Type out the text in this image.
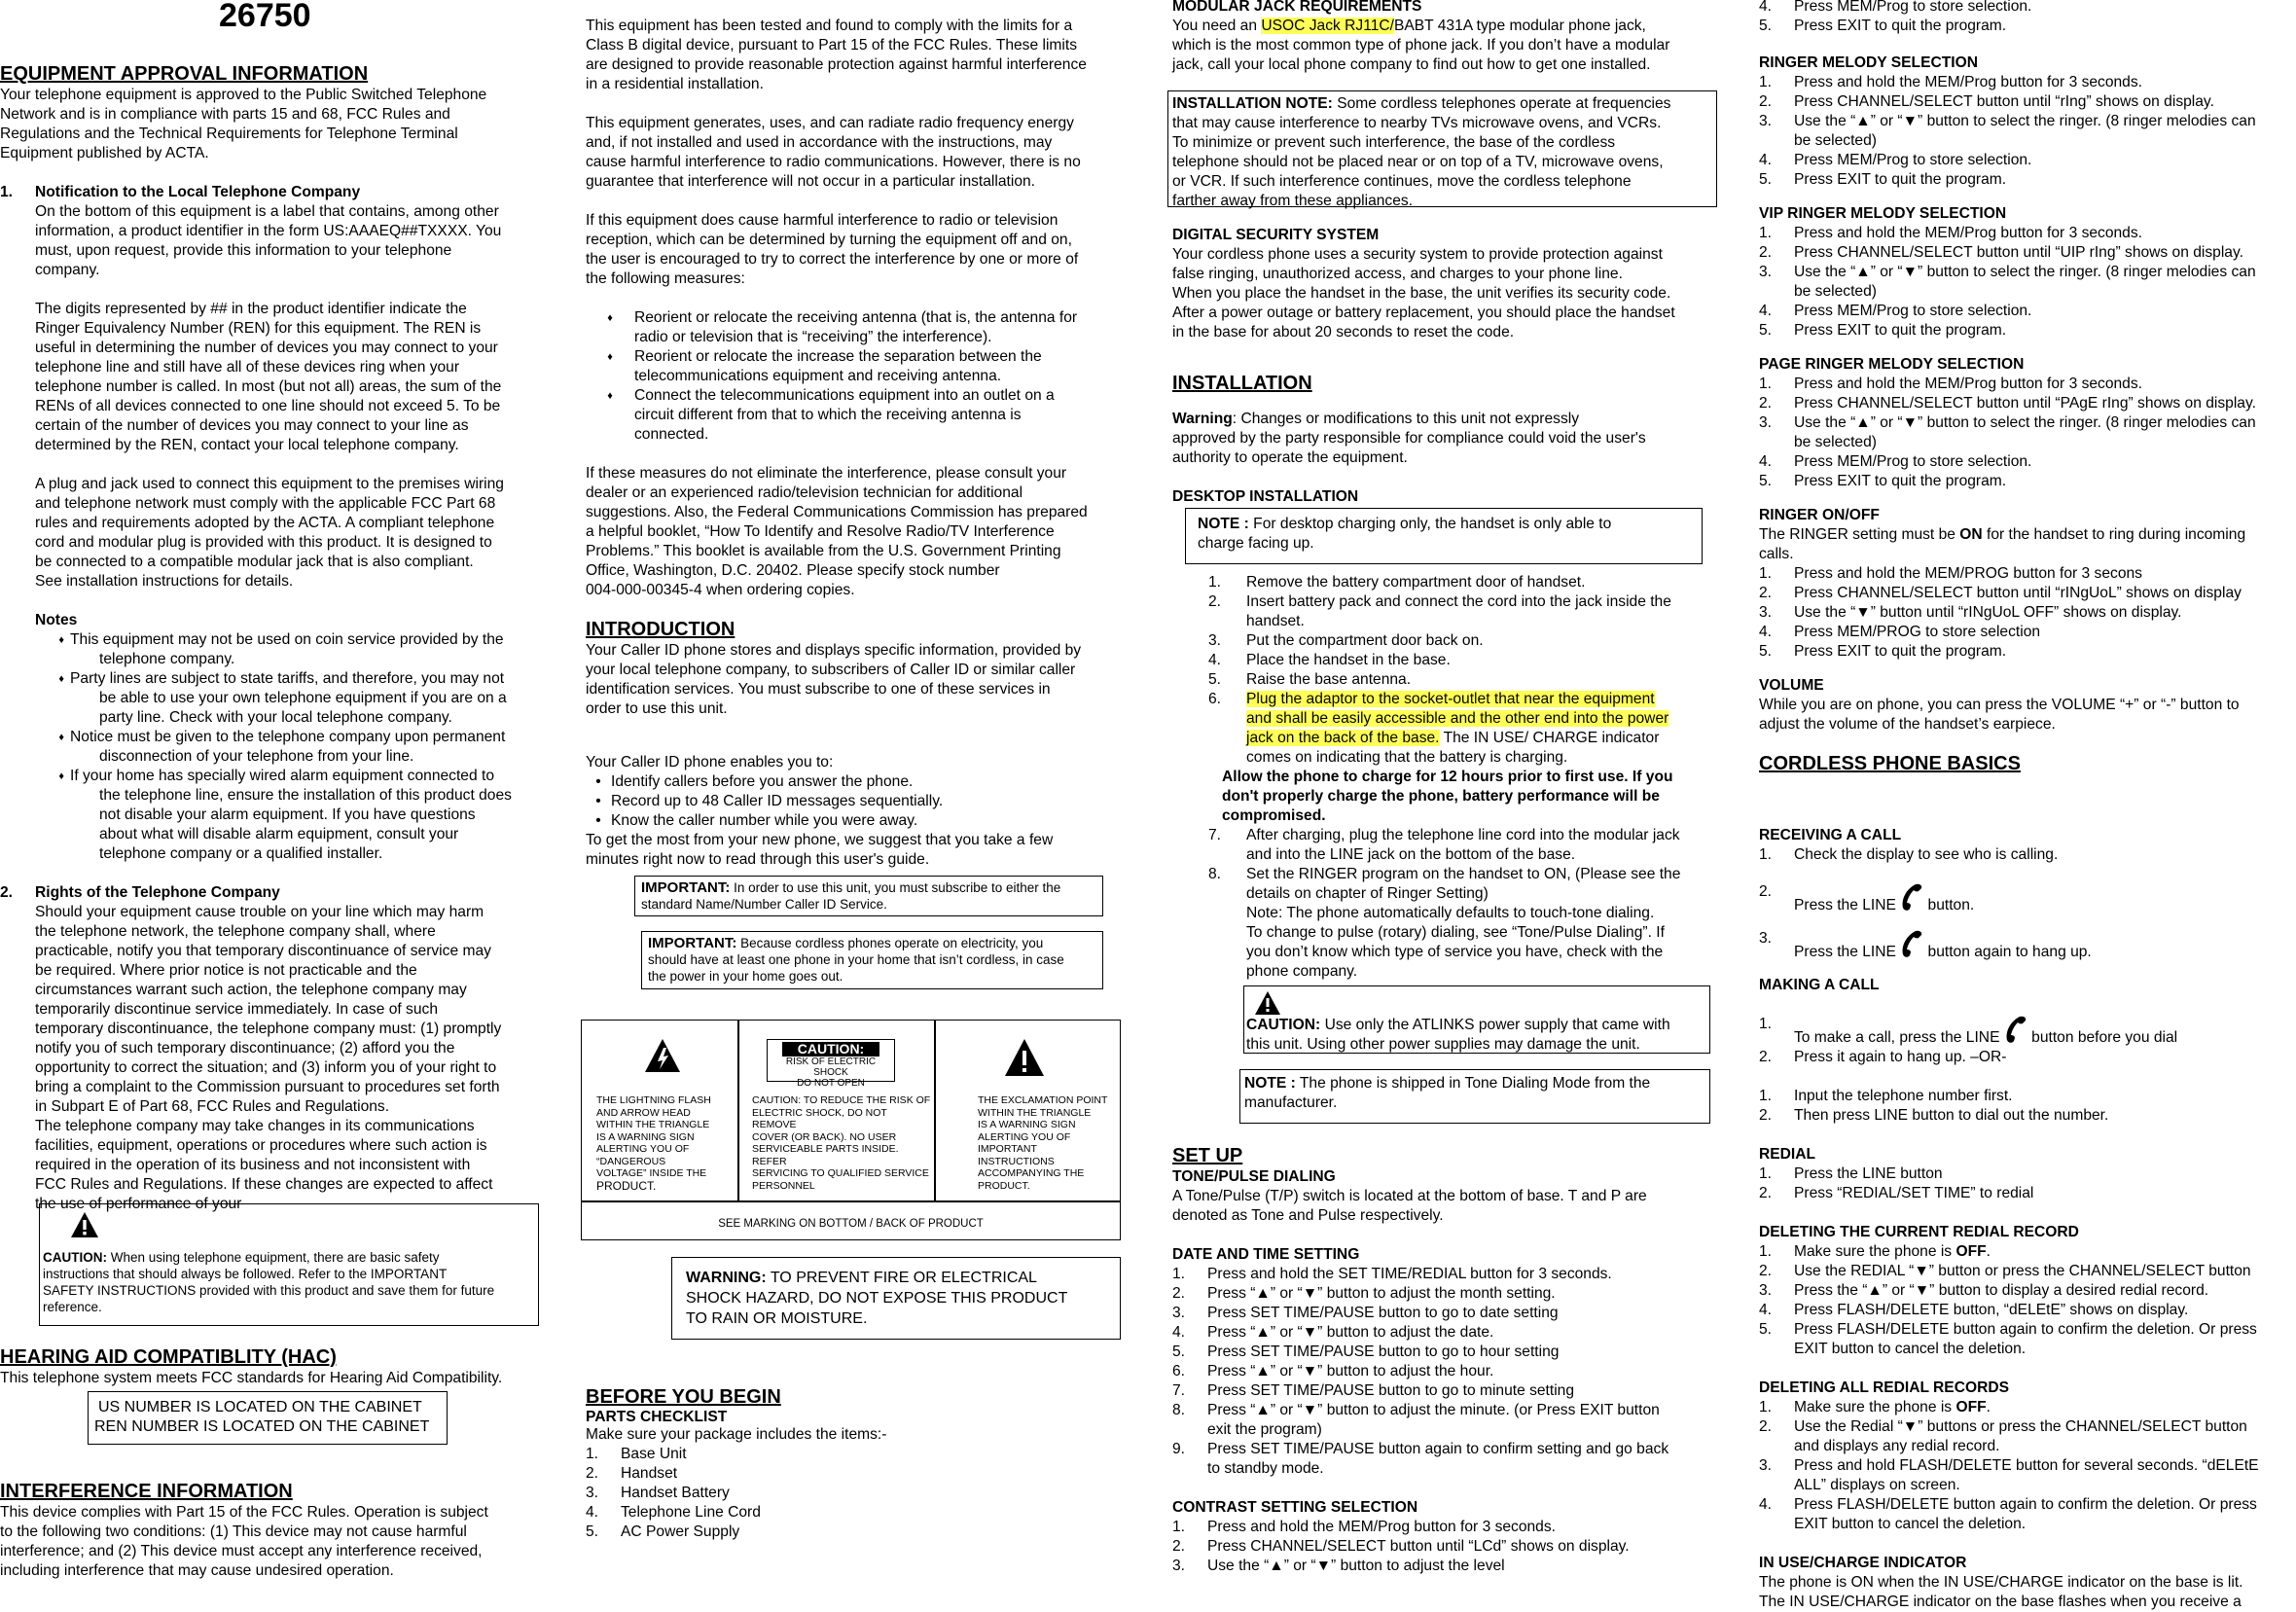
26750

EQUIPMENT APPROVAL INFORMATION

Your telephone equipment is approved to the Public Switched Telephone

Network and is in compliance with parts 15 and 68, FCC Rules and

Regulations and the Technical Requirements for Telephone Terminal

Equipment published by ACTA.

1.	Notification to the Local Telephone Company

On the bottom of this equipment is a label that contains, among other

information, a product identifier in the form US:AAAEQ##TXXXX. You

must, upon request, provide this information to your telephone

company.

The digits represented by ## in the product identifier indicate the

Ringer Equivalency Number (REN) for this equipment. The REN is

useful in determining the number of devices you may connect to your

telephone line and still have all of these devices ring when your

telephone number is called. In most (but not all) areas, the sum of the

RENs of all devices connected to one line should not exceed 5. To be

certain of the number of devices you may connect to your line as

determined by the REN, contact your local telephone company.

A plug and jack used to connect this equipment to the premises wiring

and telephone network must comply with the applicable FCC Part 68

rules and requirements adopted by the ACTA. A compliant telephone

cord and modular plug is provided with this product. It is designed to

be connected to a compatible modular jack that is also compliant.

See installation instructions for details.

Notes

♦ This equipment may not be used on coin service provided by the

telephone company.

♦ Party lines are subject to state tariffs, and therefore, you may not

be able to use your own telephone equipment if you are on a

party line. Check with your local telephone company.

♦ Notice must be given to the telephone company upon permanent

disconnection of your telephone from your line.

♦ If your home has specially wired alarm equipment connected to

the telephone line, ensure the installation of this product does

not disable your alarm equipment. If you have questions

about what will disable alarm equipment, consult your

telephone company or a qualified installer.

2.	Rights of the Telephone Company

Should your equipment cause trouble on your line which may harm

the telephone network, the telephone company shall, where

practicable, notify you that temporary discontinuance of service may

be required. Where prior notice is not practicable and the

circumstances warrant such action, the telephone company may

temporarily discontinue service immediately. In case of such

temporary discontinuance, the telephone company must: (1) promptly

notify you of such temporary discontinuance; (2) afford you the

opportunity to correct the situation; and (3) inform you of your right to

bring a complaint to the Commission pursuant to procedures set forth

in Subpart E of Part 68, FCC Rules and Regulations.

The telephone company may take changes in its communications

facilities, equipment, operations or procedures where such action is

required in the operation of its business and not inconsistent with

FCC Rules and Regulations. If these changes are expected to affect

the use of performance of your

CAUTION: When using telephone equipment, there are basic safety

instructions that should always be followed. Refer to the IMPORTANT

SAFETY INSTRUCTIONS provided with this product and save them for future

reference.

HEARING AID COMPATIBLITY (HAC)

This telephone system meets FCC standards for Hearing Aid Compatibility.

US NUMBER IS LOCATED ON THE CABINET

REN NUMBER IS LOCATED ON THE CABINET

INTERFERENCE INFORMATION

This device complies with Part 15 of the FCC Rules. Operation is subject

to the following two conditions: (1) This device may not cause harmful

interference; and (2) This device must accept any interference received,

including interference that may cause undesired operation.

This equipment has been tested and found to comply with the limits for a

Class B digital device, pursuant to Part 15 of the FCC Rules. These limits

are designed to provide reasonable protection against harmful interference

in a residential installation.

This equipment generates, uses, and can radiate radio frequency energy

and, if not installed and used in accordance with the instructions, may

cause harmful interference to radio communications. However, there is no

guarantee that interference will not occur in a particular installation.

If this equipment does cause harmful interference to radio or television

reception, which can be determined by turning the equipment off and on,

the user is encouraged to try to correct the interference by one or more of

the following measures:

♦	Reorient or relocate the receiving antenna (that is, the antenna for

radio or television that is “receiving” the interference).

♦	Reorient or relocate the increase the separation between the

telecommunications equipment and receiving antenna.

♦	Connect the telecommunications equipment into an outlet on a

circuit different from that to which the receiving antenna is

connected.

If these measures do not eliminate the interference, please consult your

dealer or an experienced radio/television technician for additional

suggestions. Also, the Federal Communications Commission has prepared

a helpful booklet, “How To Identify and Resolve Radio/TV Interference

Problems.” This booklet is available from the U.S. Government Printing

Office, Washington, D.C. 20402. Please specify stock number

004-000-00345-4 when ordering copies.

INTRODUCTION

Your Caller ID phone stores and displays specific information, provided by

your local telephone company, to subscribers of Caller ID or similar caller

identification services. You must subscribe to one of these services in

order to use this unit.

Your Caller ID phone enables you to:

• Identify callers before you answer the phone.
• Record up to 48 Caller ID messages sequentially.
• Know the caller number while you were away.

To get the most from your new phone, we suggest that you take a few

minutes right now to read through this user's guide.

IMPORTANT: In order to use this unit, you must subscribe to either the

standard Name/Number Caller ID Service.

IMPORTANT: Because cordless phones operate on electricity, you

should have at least one phone in your home that isn’t cordless, in case

the power in your home goes out.

CAUTION:
RISK OF ELECTRIC SHOCK
DO NOT OPEN

THE LIGHTNING FLASH

AND ARROW HEAD

WITHIN THE TRIANGLE

IS A WARNING SIGN

ALERTING YOU OF

“DANGEROUS

VOLTAGE” INSIDE THE

PRODUCT.

CAUTION: TO REDUCE THE RISK OF

ELECTRIC SHOCK, DO NOT REMOVE

COVER (OR BACK). NO USER

SERVICEABLE PARTS INSIDE. REFER

SERVICING TO QUALIFIED SERVICE

PERSONNEL

THE EXCLAMATION POINT

WITHIN THE TRIANGLE

IS A WARNING SIGN

ALERTING YOU OF

IMPORTANT

INSTRUCTIONS

ACCOMPANYING THE

PRODUCT.

SEE MARKING ON BOTTOM / BACK OF PRODUCT

WARNING: TO PREVENT FIRE OR ELECTRICAL

SHOCK HAZARD, DO NOT EXPOSE THIS PRODUCT

TO RAIN OR MOISTURE.

BEFORE YOU BEGIN

PARTS CHECKLIST

Make sure your package includes the items:-

1.	Base Unit
2.	Handset
3.	Handset Battery
4.	Telephone Line Cord
5.	AC Power Supply

MODULAR JACK REQUIREMENTS

You need an USOC Jack RJ11C/BABT 431A type modular phone jack,

which is the most common type of phone jack. If you don’t have a modular

jack, call your local phone company to find out how to get one installed.

INSTALLATION NOTE: Some cordless telephones operate at frequencies

that may cause interference to nearby TVs microwave ovens, and VCRs.

To minimize or prevent such interference, the base of the cordless

telephone should not be placed near or on top of a TV, microwave ovens,

or VCR. If such interference continues, move the cordless telephone

farther away from these appliances.

DIGITAL SECURITY SYSTEM

Your cordless phone uses a security system to provide protection against

false ringing, unauthorized access, and charges to your phone line.

When you place the handset in the base, the unit verifies its security code.

After a power outage or battery replacement, you should place the handset

in the base for about 20 seconds to reset the code.

INSTALLATION

Warning: Changes or modifications to this unit not expressly

approved by the party responsible for compliance could void the user's

authority to operate the equipment.

DESKTOP INSTALLATION

NOTE : For desktop charging only, the handset is only able to

charge facing up.

1.	Remove the battery compartment door of handset.

2.	Insert battery pack and connect the cord into the jack inside the

handset.

3.	Put the compartment door back on.

4.	Place the handset in the base.

5.	Raise the base antenna.

6.	Plug the adaptor to the socket-outlet that near the equipment

and shall be easily accessible and the other end into the power

jack on the back of the base. The IN USE/ CHARGE indicator

comes on indicating that the battery is charging.

Allow the phone to charge for 12 hours prior to first use. If you

don't properly charge the phone, battery performance will be

compromised.

7.	After charging, plug the telephone line cord into the modular jack

and into the LINE jack on the bottom of the base.

8.	Set the RINGER program on the handset to ON, (Please see the

details on chapter of Ringer Setting)

Note: The phone automatically defaults to touch-tone dialing.

To change to pulse (rotary) dialing, see “Tone/Pulse Dialing”. If

you don’t know which type of service you have, check with the

phone company.

CAUTION: Use only the ATLINKS power supply that came with

this unit. Using other power supplies may damage the unit.

NOTE : The phone is shipped in Tone Dialing Mode from the

manufacturer.

SET UP

TONE/PULSE DIALING

A Tone/Pulse (T/P) switch is located at the bottom of base. T and P are

denoted as Tone and Pulse respectively.

DATE AND TIME SETTING

1.	Press and hold the SET TIME/REDIAL button for 3 seconds.

2.	Press “▲” or “▼” button to adjust the month setting.

3.	Press SET TIME/PAUSE button to go to date setting

4.	Press “▲” or “▼” button to adjust the date.

5.	Press SET TIME/PAUSE button to go to hour setting

6.	Press “▲” or “▼” button to adjust the hour.

7.	Press SET TIME/PAUSE button to go to minute setting

8.	Press “▲” or “▼” button to adjust the minute. (or Press EXIT button

exit the program)

9.	Press SET TIME/PAUSE button again to confirm setting and go back

to standby mode.

CONTRAST SETTING SELECTION

1.	Press and hold the MEM/Prog button for 3 seconds.

2.	Press CHANNEL/SELECT button until “LCd” shows on display.

3.	Use the “▲” or “▼” button to adjust the level

4.	Press MEM/Prog to store selection.
5.	Press EXIT to quit the program.

RINGER MELODY SELECTION

1.	Press and hold the MEM/Prog button for 3 seconds.

2.	Press CHANNEL/SELECT button until “rIng” shows on display.

3.	Use the “▲” or “▼” button to select the ringer. (8 ringer melodies can

be selected)

4.	Press MEM/Prog to store selection.

5.	Press EXIT to quit the program.

VIP RINGER MELODY SELECTION

1.	Press and hold the MEM/Prog button for 3 seconds.

2.	Press CHANNEL/SELECT button until “UIP rIng” shows on display.

3.	Use the “▲” or “▼” button to select the ringer. (8 ringer melodies can

be selected)

4.	Press MEM/Prog to store selection.

5.	Press EXIT to quit the program.

PAGE RINGER MELODY SELECTION

1.	Press and hold the MEM/Prog button for 3 seconds.

2.	Press CHANNEL/SELECT button until “PAgE rIng” shows on display.

3.	Use the “▲” or “▼” button to select the ringer. (8 ringer melodies can

be selected)

4.	Press MEM/Prog to store selection.

5.	Press EXIT to quit the program.

RINGER ON/OFF

The RINGER setting must be ON for the handset to ring during incoming

calls.

1.	Press and hold the MEM/PROG button for 3 secons

2.	Press CHANNEL/SELECT button until “rINgUoL” shows on display

3.	Use the “▼” button until “rINgUoL OFF” shows on display.

4.	Press MEM/PROG to store selection

5.	Press EXIT to quit the program.

VOLUME

While you are on phone, you can press the VOLUME “+” or “-” button to

adjust the volume of the handset’s earpiece.

CORDLESS PHONE BASICS

RECEIVING A CALL

1.	Check the display to see who is calling.
2.
Press the LINE  button.
3.
Press the LINE  button again to hang up.

MAKING A CALL

1.
To make a call, press the LINE  button before you dial
2.	Press it again to hang up. –OR-
1.	Input the telephone number first.
2.	Then press LINE button to dial out the number.

REDIAL

1.	Press the LINE button
2.	Press “REDIAL/SET TIME” to redial

DELETING THE CURRENT REDIAL RECORD

1.	Make sure the phone is OFF.
2.	Use the REDIAL “▼” button or press the CHANNEL/SELECT button

3.	Press the “▲” or “▼” button to display a desired redial record.

4.	Press FLASH/DELETE button, “dELEtE” shows on display.

5.	Press FLASH/DELETE button again to confirm the deletion. Or press

EXIT button to cancel the deletion.

DELETING ALL REDIAL RECORDS

1.	Make sure the phone is OFF.
2.	Use the Redial “▼” buttons or press the CHANNEL/SELECT button

and displays any redial record.

3.	Press and hold FLASH/DELETE button for several seconds. “dELEtE

ALL” displays on screen.

4.	Press FLASH/DELETE button again to confirm the deletion. Or press

EXIT button to cancel the deletion.

IN USE/CHARGE INDICATOR

The phone is ON when the IN USE/CHARGE indicator on the base is lit.

The IN USE/CHARGE indicator on the base flashes when you receive a
